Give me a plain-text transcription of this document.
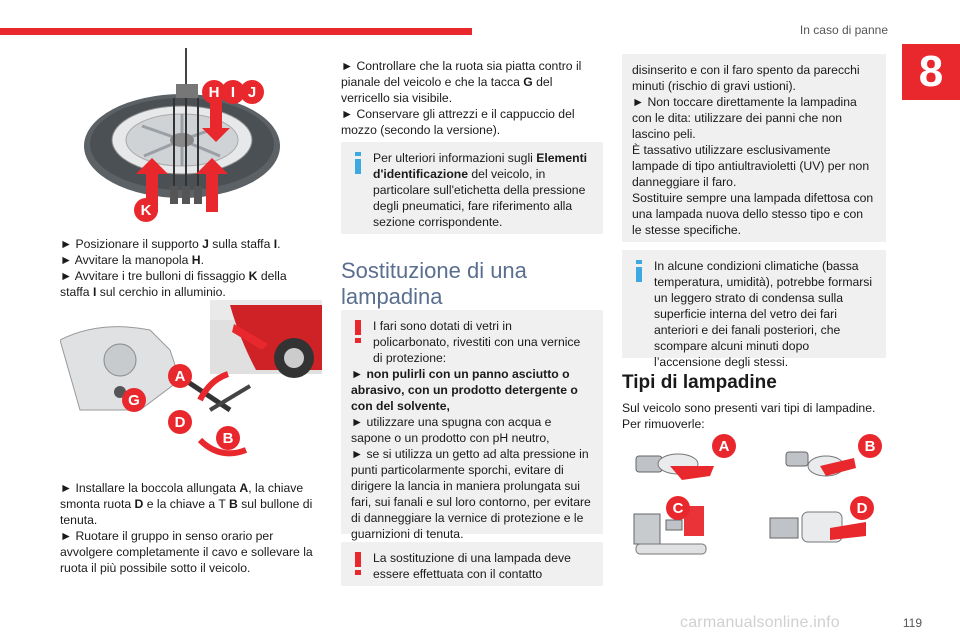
In caso di panne
8
H I J
K
► Posizionare il supporto J sulla staffa I.
► Avvitare la manopola H.
► Avvitare i tre bulloni di fissaggio K della staffa I sul cerchio in alluminio.
A
G
D
B
► Installare la boccola allungata A, la chiave smonta ruota D e la chiave a T B sul bullone di tenuta.
► Ruotare il gruppo in senso orario per avvolgere completamente il cavo e sollevare la ruota il più possibile sotto il veicolo.
► Controllare che la ruota sia piatta contro il pianale del veicolo e che la tacca G del verricello sia visibile.
► Conservare gli attrezzi e il cappuccio del mozzo (secondo la versione).
Per ulteriori informazioni sugli Elementi d'identificazione del veicolo, in particolare sull'etichetta della pressione degli pneumatici, fare riferimento alla sezione corrispondente.
Sostituzione di una lampadina
I fari sono dotati di vetri in policarbonato, rivestiti con una vernice di protezione:
► non pulirli con un panno asciutto o abrasivo, con un prodotto detergente o con del solvente,
► utilizzare una spugna con acqua e sapone o un prodotto con pH neutro,
► se si utilizza un getto ad alta pressione in punti particolarmente sporchi, evitare di dirigere la lancia in maniera prolungata sui fari, sui fanali e sul loro contorno, per evitare di danneggiare la vernice di protezione e le guarnizioni di tenuta.
La sostituzione di una lampada deve essere effettuata con il contatto
disinserito e con il faro spento da parecchi minuti (rischio di gravi ustioni).
► Non toccare direttamente la lampadina con le dita: utilizzare dei panni che non lascino peli.
È tassativo utilizzare esclusivamente lampade di tipo antiultravioletti (UV) per non danneggiare il faro.
Sostituire sempre una lampada difettosa con una lampada nuova dello stesso tipo e con le stesse specifiche.
In alcune condizioni climatiche (bassa temperatura, umidità), potrebbe formarsi un leggero strato di condensa sulla superficie interna del vetro dei fari anteriori e dei fanali posteriori, che scompare alcuni minuti dopo l’accensione degli stessi.
Tipi di lampadine
Sul veicolo sono presenti vari tipi di lampadine. Per rimuoverle:
A	B
C	D
carmanualsonline.info	119
